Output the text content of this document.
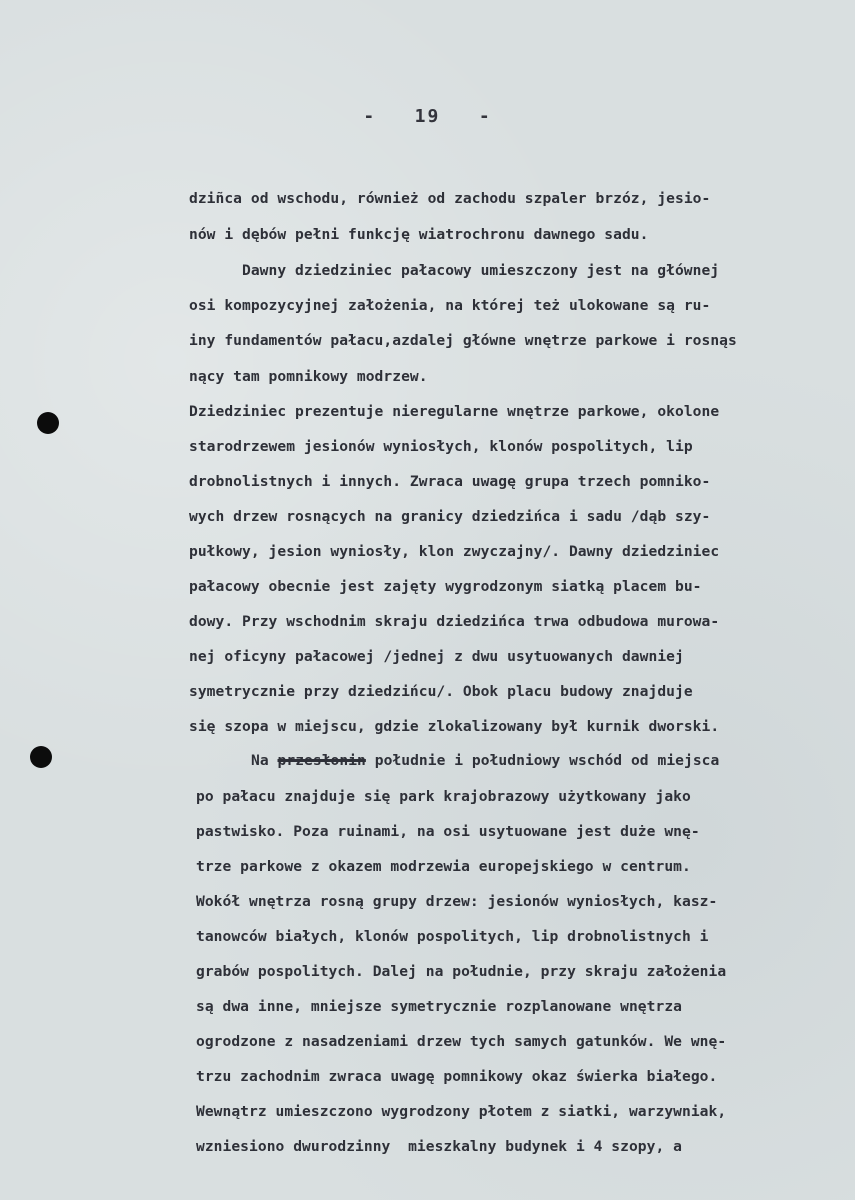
-   19   -
dziñca od wschodu, również od zachodu szpaler brzóz, jesio-
nów i dębów pełni funkcję wiatrochronu dawnego sadu.
Dawny dziedziniec pałacowy umieszczony jest na głównej
osi kompozycyjnej założenia, na której też ulokowane są ru-
iny fundamentów pałacu,azdalej główne wnętrze parkowe i rosnąs
nący tam pomnikowy modrzew.
Dziedziniec prezentuje nieregularne wnętrze parkowe, okolone
starodrzewem jesionów wyniosłych, klonów pospolitych, lip
drobnolistnych i innych. Zwraca uwagę grupa trzech pomniko-
wych drzew rosnących na granicy dziedzińca i sadu /dąb szy-
pułkowy, jesion wyniosły, klon zwyczajny/. Dawny dziedziniec
pałacowy obecnie jest zajęty wygrodzonym siatką placem bu-
dowy. Przy wschodnim skraju dziedzińca trwa odbudowa murowa-
nej oficyny pałacowej /jednej z dwu usytuowanych dawniej
symetrycznie przy dziedzińcu/. Obok placu budowy znajduje
się szopa w miejscu, gdzie zlokalizowany był kurnik dworski.
Na przesłonin południe i południowy wschód od miejsca
po pałacu znajduje się park krajobrazowy użytkowany jako
pastwisko. Poza ruinami, na osi usytuowane jest duże wnę-
trze parkowe z okazem modrzewia europejskiego w centrum.
Wokół wnętrza rosną grupy drzew: jesionów wyniosłych, kasz-
tanowców białych, klonów pospolitych, lip drobnolistnych i
grabów pospolitych. Dalej na południe, przy skraju założenia
są dwa inne, mniejsze symetrycznie rozplanowane wnętrza
ogrodzone z nasadzeniami drzew tych samych gatunków. We wnę-
trzu zachodnim zwraca uwagę pomnikowy okaz świerka białego.
Wewnątrz umieszczono wygrodzony płotem z siatki, warzywniak,
wzniesiono dwurodzinny  mieszkalny budynek i 4 szopy, a
